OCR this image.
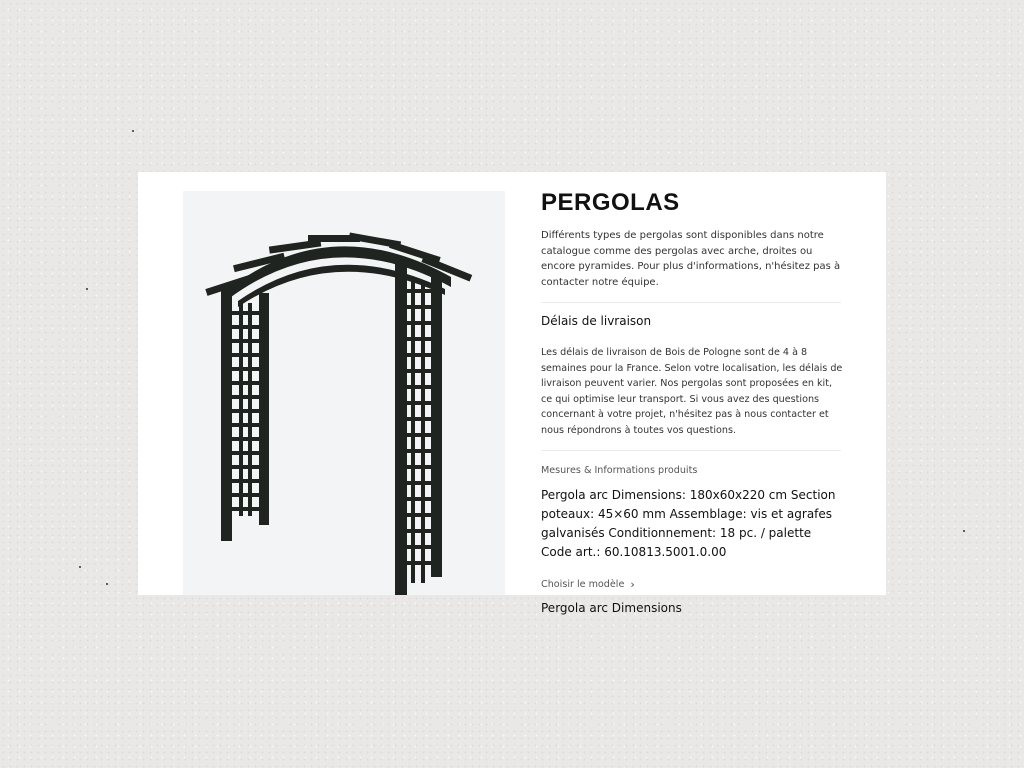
PERGOLAS

Différents types de pergolas sont disponibles dans notre catalogue comme des pergolas avec arche, droites ou encore pyramides. Pour plus d'informations, n'hésitez pas à contacter notre équipe.

Délais de livraison

Les délais de livraison de Bois de Pologne sont de 4 à 8 semaines pour la France. Selon votre localisation, les délais de livraison peuvent varier. Nos pergolas sont proposées en kit, ce qui optimise leur transport. Si vous avez des questions concernant à votre projet, n'hésitez pas à nous contacter et nous répondrons à toutes vos questions.

Mesures & Informations produits

Pergola arc Dimensions: 180x60x220 cm Section poteaux: 45×60 mm Assemblage: vis et agrafes galvanisés Conditionnement: 18 pc. / palette Code art.: 60.10813.5001.0.00

Choisir le modèle ›
Pergola arc Dimensions
